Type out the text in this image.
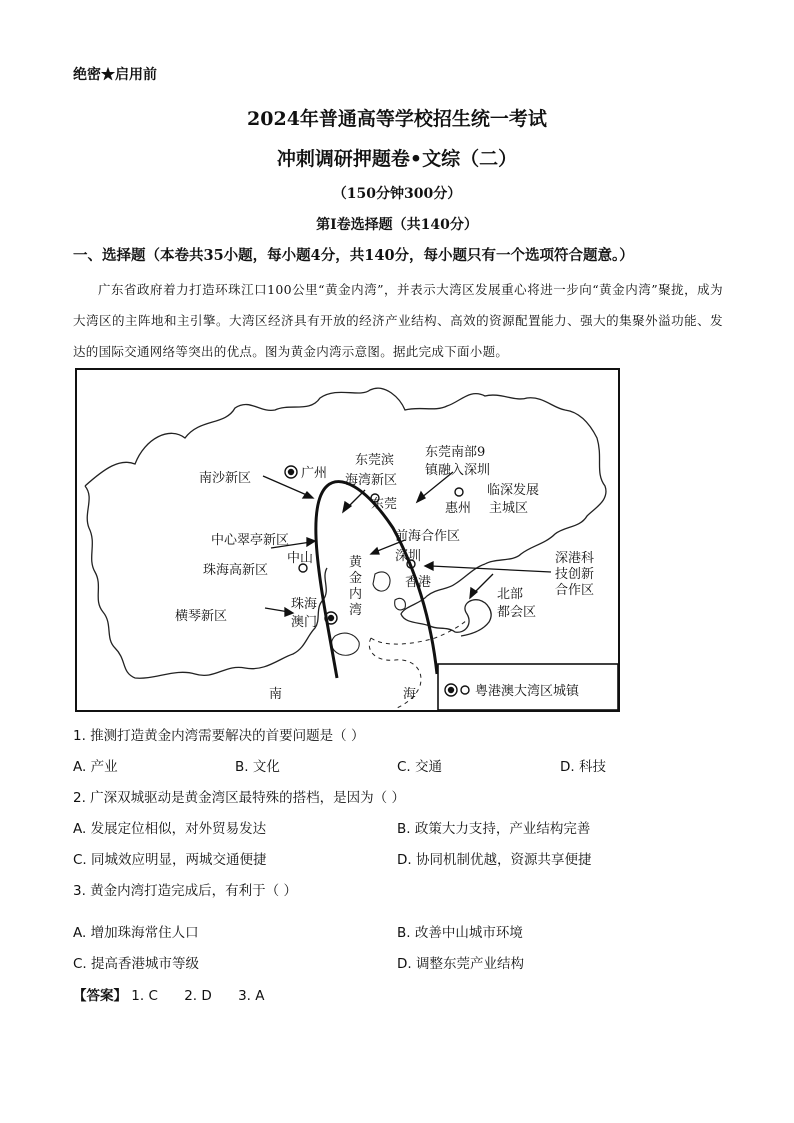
绝密★启用前
2024年普通高等学校招生统一考试
冲刺调研押题卷•文综（二）
（150分钟300分）
第I卷选择题（共140分）
一、选择题（本卷共35小题，每小题4分，共140分，每小题只有一个选项符合题意。）
广东省政府着力打造环珠江口100公里“黄金内湾”，并表示大湾区发展重心将进一步向“黄金内湾”聚拢，成为大湾区的主阵地和主引擎。大湾区经济具有开放的经济产业结构、高效的资源配置能力、强大的集聚外溢功能、发达的国际交通网络等突出的优点。图为黄金内湾示意图。据此完成下面小题。
南沙新区	广州
东莞滨
海湾新区
东莞
东莞南部9
镇融入深圳
惠州
临深发展
主城区
中心翠亭新区
中山
前海合作区
深圳
黄
金
内
湾
珠海高新区
香港
深港科
技创新
合作区
珠海
澳门
横琴新区
北部
都会区
南	海	粤港澳大湾区城镇
1. 推测打造黄金内湾需要解决的首要问题是（ ）
A. 产业	B. 文化	C. 交通	D. 科技
2. 广深双城驱动是黄金湾区最特殊的搭档，是因为（ ）
A. 发展定位相似，对外贸易发达	B. 政策大力支持，产业结构完善
C. 同城效应明显，两城交通便捷	D. 协同机制优越，资源共享便捷
3. 黄金内湾打造完成后，有利于（ ）
A. 增加珠海常住人口	B. 改善中山城市环境
C. 提高香港城市等级	D. 调整东莞产业结构
【答案】 1. C 2. D 3. A
